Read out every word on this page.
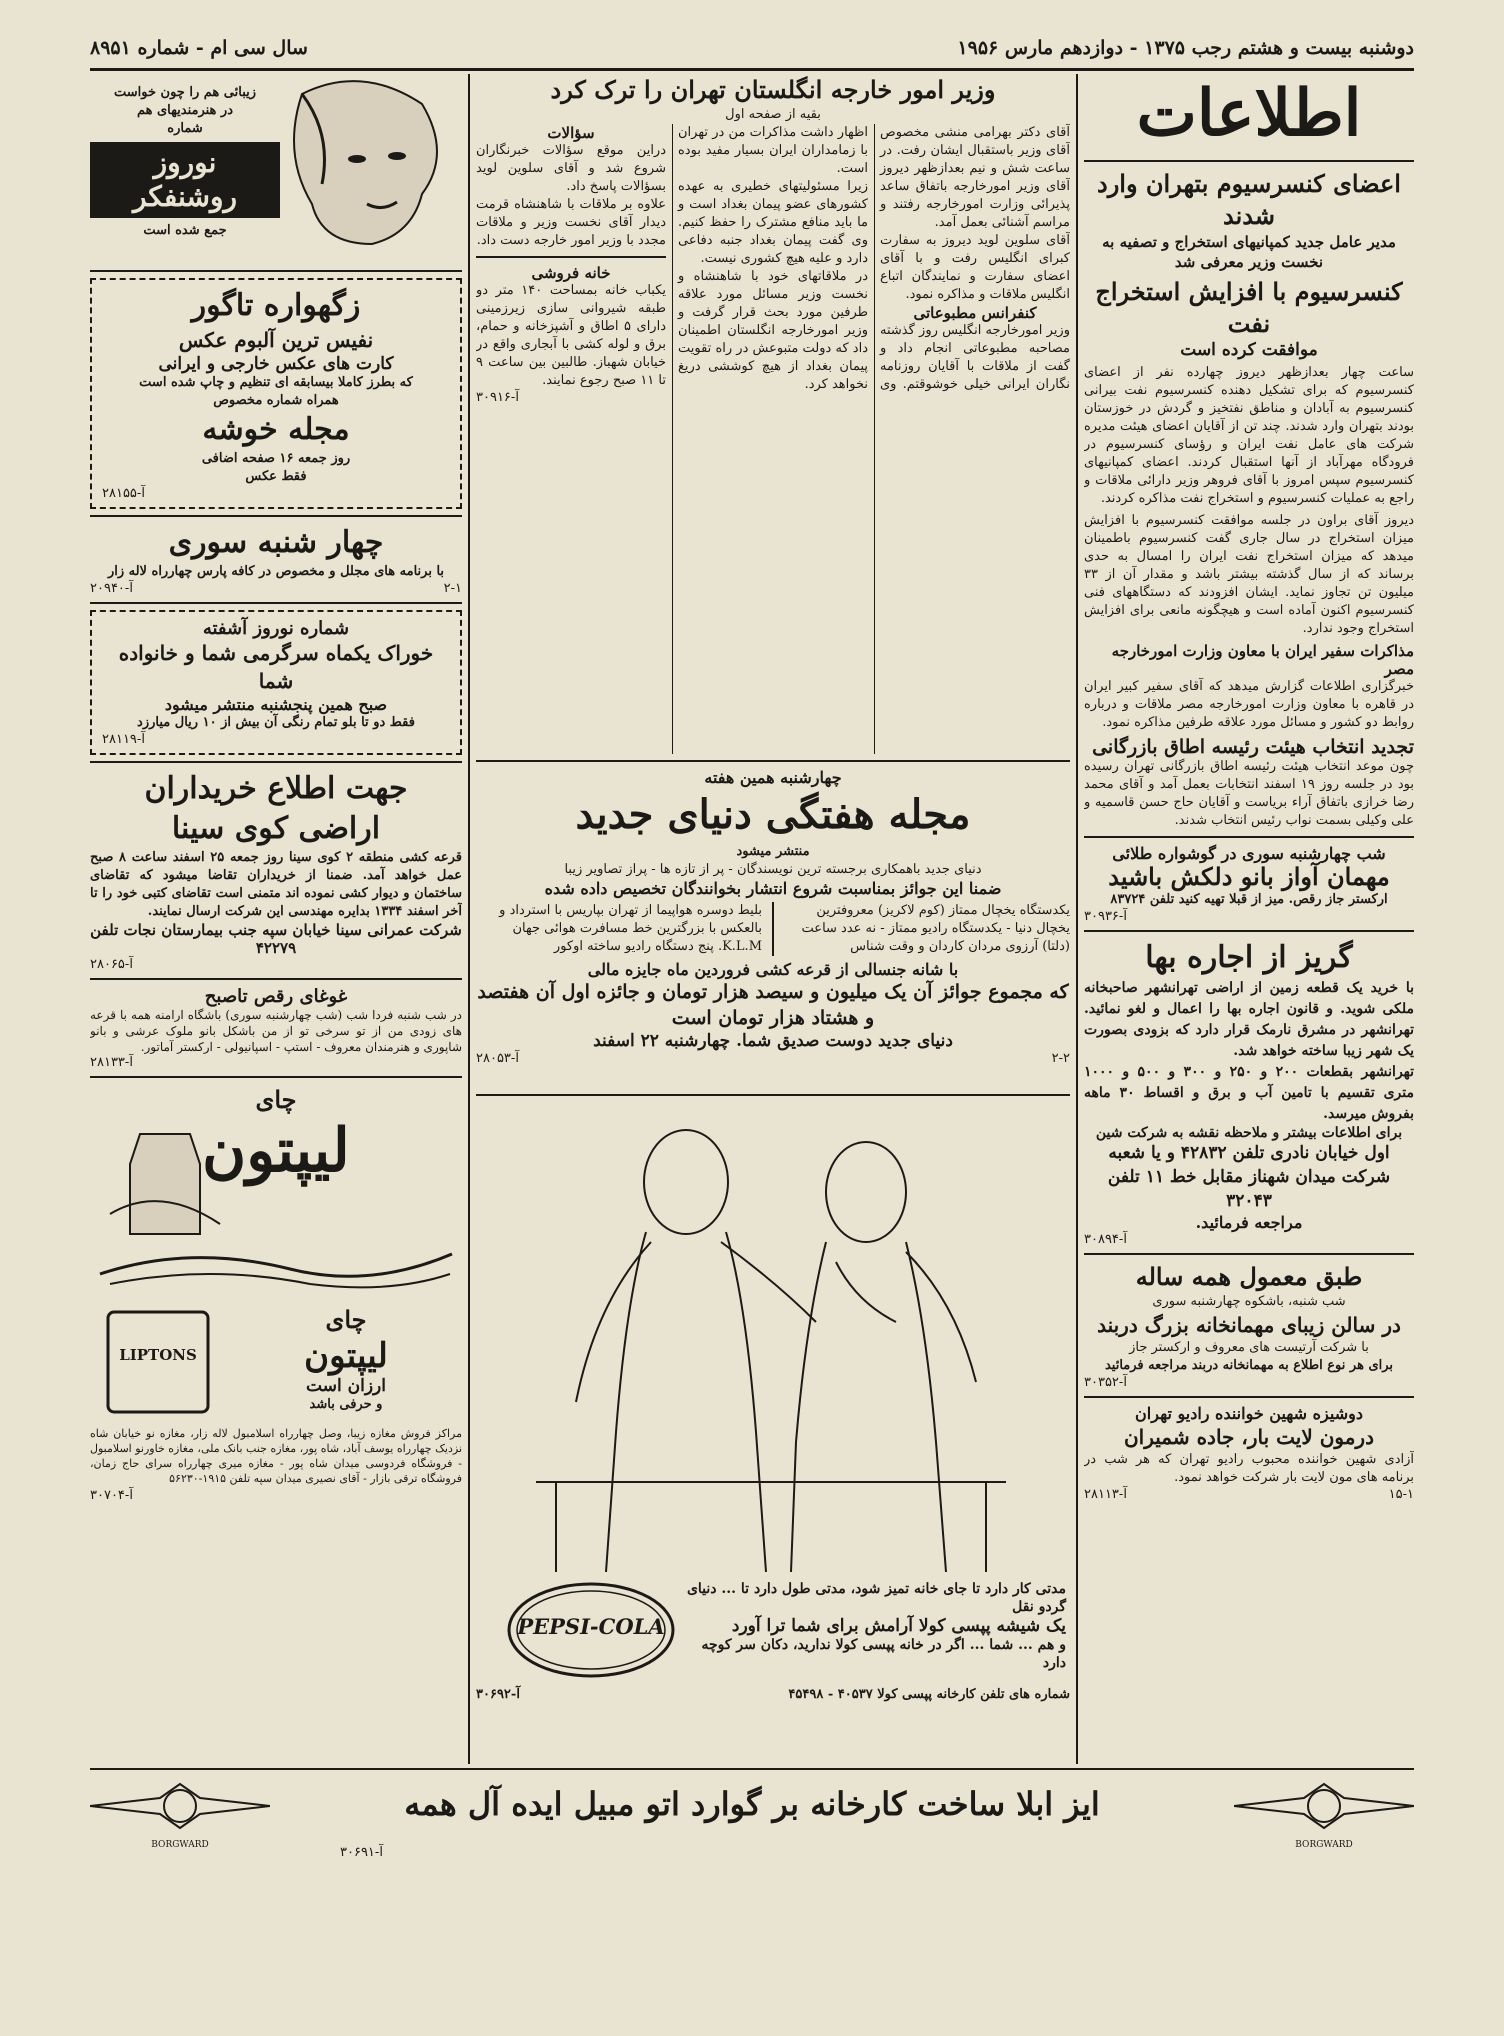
دوشنبه بیست و هشتم رجب ۱۳۷۵ - دوازدهم مارس ۱۹۵۶
سال سی ام - شماره ۸۹۵۱
اطلاعات
اعضای کنسرسیوم بتهران وارد شدند
مدیر عامل جدید کمپانیهای استخراج و تصفیه به نخست وزیر معرفی شد
کنسرسیوم با افزایش استخراج نفت
موافقت کرده است
ساعت چهار بعدازظهر دیروز چهارده نفر از اعضای کنسرسیوم که برای تشکیل دهنده کنسرسیوم نفت بیرانی کنسرسیوم به آبادان و مناطق نفتخیز و گردش در خوزستان بودند بتهران وارد شدند. چند تن از آقایان اعضای هیئت مدیره شرکت های عامل نفت ایران و رؤسای کنسرسیوم در فرودگاه مهرآباد از آنها استقبال کردند. اعضای کمپانیهای کنسرسیوم سپس امروز با آقای فروهر وزیر دارائی ملاقات و راجع به عملیات کنسرسیوم و استخراج نفت مذاکره کردند.
دیروز آقای براون در جلسه موافقت کنسرسیوم با افزایش میزان استخراج در سال جاری گفت کنسرسیوم باطمینان میدهد که میزان استخراج نفت ایران را امسال به حدی برساند که از سال گذشته بیشتر باشد و مقدار آن از ۳۳ میلیون تن تجاوز نماید. ایشان افزودند که دستگاههای فنی کنسرسیوم اکنون آماده است و هیچگونه مانعی برای افزایش استخراج وجود ندارد.
مذاکرات سفیر ایران با معاون وزارت امورخارجه مصر
خبرگزاری اطلاعات گزارش میدهد که آقای سفیر کبیر ایران در قاهره با معاون وزارت امورخارجه مصر ملاقات و درباره روابط دو کشور و مسائل مورد علاقه طرفین مذاکره نمود.
تجدید انتخاب هیئت رئیسه اطاق بازرگانی
چون موعد انتخاب هیئت رئیسه اطاق بازرگانی تهران رسیده بود در جلسه روز ۱۹ اسفند انتخابات بعمل آمد و آقای محمد رضا خرازی باتفاق آراء بریاست و آقایان حاج حسن قاسمیه و علی وکیلی بسمت نواب رئیس انتخاب شدند.
شب چهارشنبه سوری در گوشواره طلائی
مهمان آواز بانو دلکش باشید
ارکستر جاز رقص. میز از قبلا تهیه کنید تلفن ۸۳۷۲۴
آ-۳۰۹۳۶
گریز از اجاره بها
با خرید یک قطعه زمین از اراضی تهرانشهر صاحبخانه ملکی شوید. و قانون اجاره بها را اعمال و لغو نمائید. تهرانشهر در مشرق نارمک قرار دارد که بزودی بصورت یک شهر زیبا ساخته خواهد شد.
تهرانشهر بقطعات ۲۰۰ و ۲۵۰ و ۳۰۰ و ۵۰۰ و ۱۰۰۰ متری تقسیم با تامین آب و برق و اقساط ۳۰ ماهه بفروش میرسد.
برای اطلاعات بیشتر و ملاحظه نقشه به شرکت شین
اول خیابان نادری تلفن ۴۲۸۳۲ و یا شعبه شرکت میدان شهناز مقابل خط ۱۱ تلفن ۳۲۰۴۳
مراجعه فرمائید.
آ-۳۰۸۹۴
طبق معمول همه ساله
شب شنبه، باشکوه چهارشنبه سوری
در سالن زیبای مهمانخانه بزرگ دربند
با شرکت آرتیست های معروف و ارکستر جاز
برای هر نوع اطلاع به مهمانخانه دربند مراجعه فرمائید
آ-۳۰۳۵۲
دوشیزه شهین خواننده رادیو تهران
درمون لایت بار، جاده شمیران
آزادی شهین خواننده محبوب رادیو تهران که هر شب در برنامه های مون لایت بار شرکت خواهد نمود.
آ-۲۸۱۱۳	۱۵-۱
وزیر امور خارجه انگلستان تهران را ترک کرد
بقیه از صفحه اول
آقای دکتر بهرامی منشی مخصوص آقای وزیر باستقبال ایشان رفت. در ساعت شش و نیم بعدازظهر دیروز آقای وزیر امورخارجه باتفاق ساعد پذیرائی وزارت امورخارجه رفتند و مراسم آشنائی بعمل آمد.
آقای سلوین لوید دیروز به سفارت کبرای انگلیس رفت و با آقای اعضای سفارت و نمایندگان اتباع انگلیس ملاقات و مذاکره نمود.
کنفرانس مطبوعاتی
وزیر امورخارجه انگلیس روز گذشته مصاحبه مطبوعاتی انجام داد و گفت از ملاقات با آقایان روزنامه نگاران ایرانی خیلی خوشوقتم. وی اظهار داشت مذاکرات من در تهران با زمامداران ایران بسیار مفید بوده است.
زیرا مسئولیتهای خطیری به عهده کشورهای عضو پیمان بغداد است و ما باید منافع مشترک را حفظ کنیم. وی گفت پیمان بغداد جنبه دفاعی دارد و علیه هیچ کشوری نیست.
در ملاقاتهای خود با شاهنشاه و نخست وزیر مسائل مورد علاقه طرفین مورد بحث قرار گرفت و وزیر امورخارجه انگلستان اطمینان داد که دولت متبوعش در راه تقویت پیمان بغداد از هیچ کوششی دریغ نخواهد کرد.
سؤالات
دراین موقع سؤالات خبرنگاران شروع شد و آقای سلوین لوید بسؤالات پاسخ داد.
علاوه بر ملاقات با شاهنشاه قرمت دیدار آقای نخست وزیر و ملاقات مجدد با وزیر امور خارجه دست داد.
خانه فروشی
یکباب خانه بمساحت ۱۴۰ متر دو طبقه شیروانی سازی زیرزمینی دارای ۵ اطاق و آشپزخانه و حمام، برق و لوله کشی با آبجاری واقع در خیابان شهباز. طالبین بین ساعت ۹ تا ۱۱ صبح رجوع نمایند.
آ-۳۰۹۱۶
چهارشنبه همین هفته
مجله هفتگی دنیای جدید
منتشر میشود
دنیای جدید باهمکاری برجسته ترین نویسندگان - پر از تازه ها - پراز تصاویر زیبا
ضمنا این جوائز بمناسبت شروع انتشار بخوانندگان تخصیص داده شده
یکدستگاه یخچال ممتاز (کوم لاکریز) معروفترین یخچال دنیا - یکدستگاه رادیو ممتاز - نه عدد ساعت (دلتا) آرزوی مردان کاردان و وقت شناس
بلیط دوسره هواپیما از تهران بپاریس با استرداد و بالعکس با بزرگترین خط مسافرت هوائی جهان K.L.M. پنج دستگاه رادیو ساخته اوکور
با شانه جنسالی از قرعه کشی فروردین ماه جایزه مالی
که مجموع جوائز آن یک میلیون و سیصد هزار تومان و جائزه اول آن هفتصد و هشتاد هزار تومان است
دنیای جدید دوست صدیق شما. چهارشنبه ۲۲ اسفند
آ-۲۸۰۵۳	۲-۲
PEPSI-COLA
مدتی کار دارد تا جای خانه تمیز شود، مدتی طول دارد تا ... دنیای گردو نقل
یک شیشه پپسی کولا آرامش برای شما ترا آورد
و هم ... شما ... اگر در خانه پپسی کولا ندارید، دکان سر کوچه دارد
شماره های تلفن کارخانه پپسی کولا ۴۰۵۳۷ - ۴۵۴۹۸
آ-۳۰۶۹۲
زیبائی هم را چون خواست
در هنرمندیهای هم
شماره
نوروز
روشنفکر
جمع شده است
زگهواره تاگور
نفیس ترین آلبوم عکس
کارت های عکس خارجی و ایرانی
که بطرز کاملا بیسابقه ای تنظیم و چاپ شده است
همراه شماره مخصوص
مجله خوشه
روز جمعه ۱۶ صفحه اضافی
فقط عکس
آ-۲۸۱۵۵
چهار شنبه سوری
با برنامه های مجلل و مخصوص در کافه پارس چهارراه لاله زار
آ-۲۰۹۴۰	۲-۱
شماره نوروز آشفته
خوراک یکماه سرگرمی شما و خانواده شما
صبح همین پنجشنبه منتشر میشود
فقط دو تا بلو تمام رنگی آن بیش از ۱۰ ریال میارزد
آ-۲۸۱۱۹
جهت اطلاع خریداران
اراضی کوی سینا
قرعه کشی منطقه ۲ کوی سینا روز جمعه ۲۵ اسفند ساعت ۸ صبح عمل خواهد آمد. ضمنا از خریداران تقاضا میشود که تقاضای ساختمان و دیوار کشی نموده اند متمنی است تقاضای کتبی خود را تا آخر اسفند ۱۳۳۴ بدایره مهندسی این شرکت ارسال نمایند.
شرکت عمرانی سینا خیابان سپه جنب بیمارستان نجات تلفن ۴۲۲۷۹
آ-۲۸۰۶۵
غوغای رقص تاصبح
در شب شنبه فردا شب (شب چهارشنبه سوری) باشگاه ارامنه همه با قرعه های زودی من از تو سرخی تو از من باشکل بانو ملوک عرشی و بانو شاپوری و هنرمندان معروف - استپ - اسپانیولی - ارکستر آماتور.
آ-۲۸۱۳۳
چای
لیپتون
LIPTONS
چای
لیپتون
ارزان است
و حرفی باشد
مراکز فروش مغازه زیبا، وصل چهارراه اسلامبول لاله زار، مغازه نو خیابان شاه نزدیک چهارراه یوسف آباد، شاه پور، مغازه جنب بانک ملی، مغازه خاورنو اسلامبول - فروشگاه فردوسی میدان شاه پور - مغازه میری چهارراه سرای حاج زمان، فروشگاه ترقی بازار - آقای نصیری میدان سپه تلفن ۱۹۱۵-۵۶۲۳۰
آ-۳۰۷۰۴
BORGWARD	BORGWARD
ایز ابلا ساخت کارخانه بر گوارد اتو مبیل ایده آل همه
آ-۳۰۶۹۱
